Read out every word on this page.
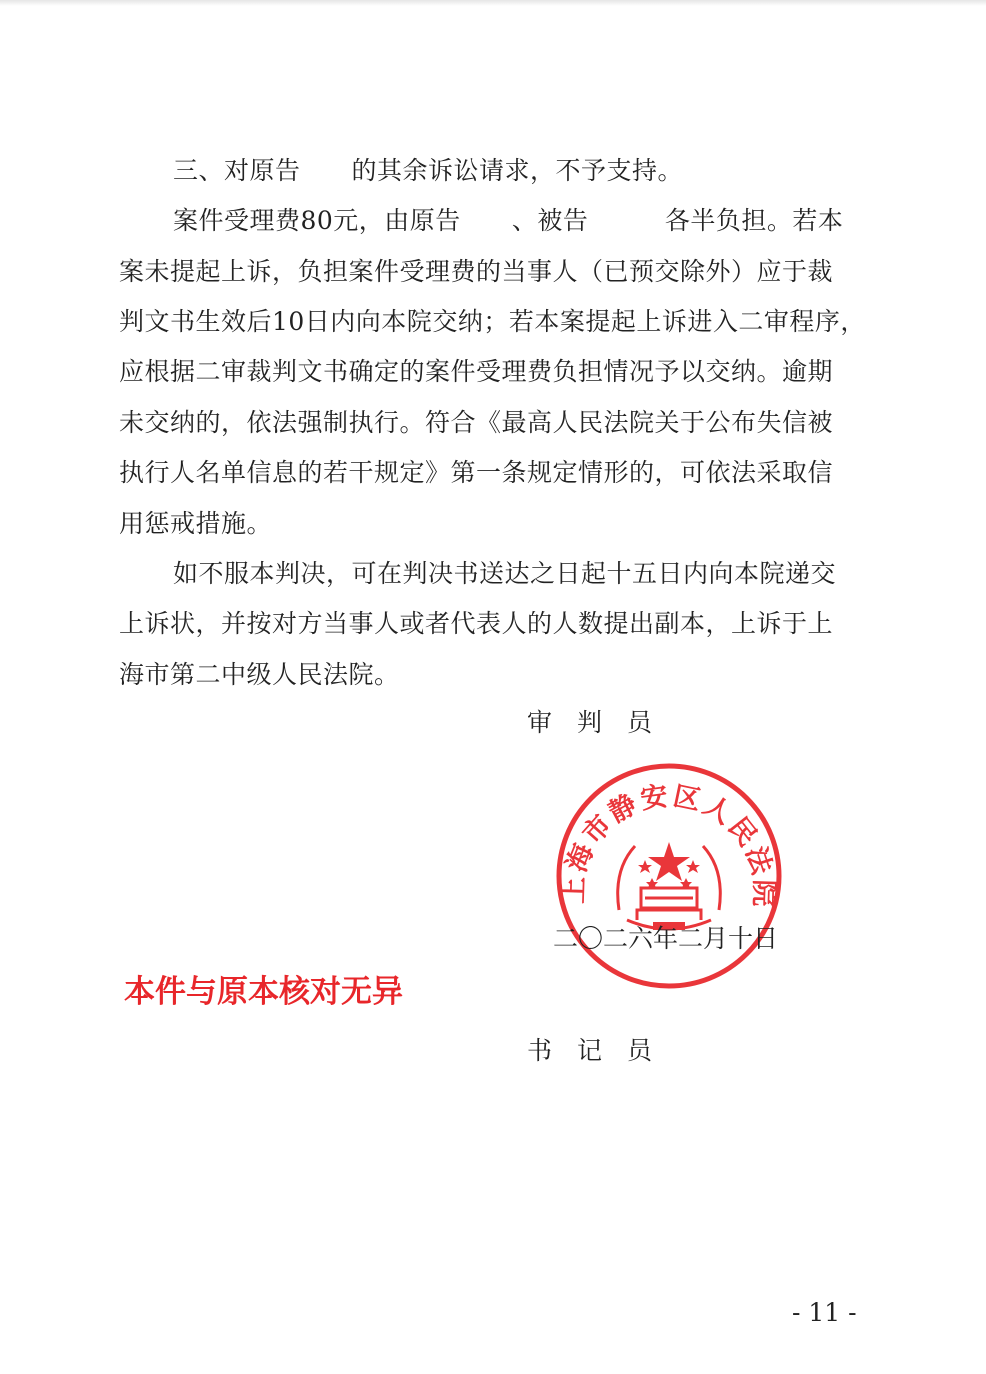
三、对原告　　的其余诉讼请求，不予支持。
案件受理费80元，由原告　　、被告　　　各半负担。若本
案未提起上诉，负担案件受理费的当事人（已预交除外）应于裁
判文书生效后10日内向本院交纳；若本案提起上诉进入二审程序，
应根据二审裁判文书确定的案件受理费负担情况予以交纳。逾期
未交纳的，依法强制执行。符合《最高人民法院关于公布失信被
执行人名单信息的若干规定》第一条规定情形的，可依法采取信
用惩戒措施。
如不服本判决，可在判决书送达之日起十五日内向本院递交
上诉状，并按对方当事人或者代表人的人数提出副本，上诉于上
海市第二中级人民法院。
审　判　员
上海市静安区人民法院
二〇二六年二月十日
本件与原本核对无异
书　记　员
- 11 -
